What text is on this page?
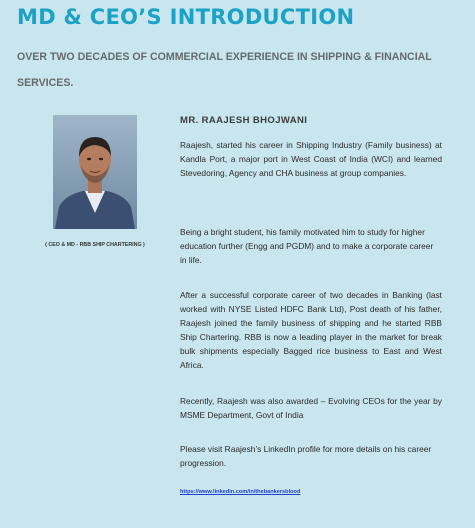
MD & CEO’S INTRODUCTION
OVER TWO DECADES OF COMMERCIAL EXPERIENCE IN SHIPPING & FINANCIAL SERVICES.
( CEO & MD - RBB SHIP CHARTERING )
MR. RAAJESH BHOJWANI

Raajesh, started his career in Shipping Industry (Family business) at Kandla Port, a major port in West Coast of India (WCI) and learned Stevedoring, Agency and CHA business at group companies.

Being a bright student, his family motivated him to study for higher education further (Engg and PGDM) and to make a corporate career in life.

After a successful corporate career of two decades in Banking (last worked with NYSE Listed HDFC Bank Ltd), Post death of his father, Raajesh joined the family business of shipping and he started RBB Ship Chartering. RBB is now a leading player in the market for break bulk shipments especially Bagged rice business to East and West Africa.

Recently, Raajesh was also awarded – Evolving CEOs for the year by MSME Department, Govt of India

Please visit Raajesh’s LinkedIn profile for more details on his career progression.

https://www.linkedin.com/in/thebankersblood
